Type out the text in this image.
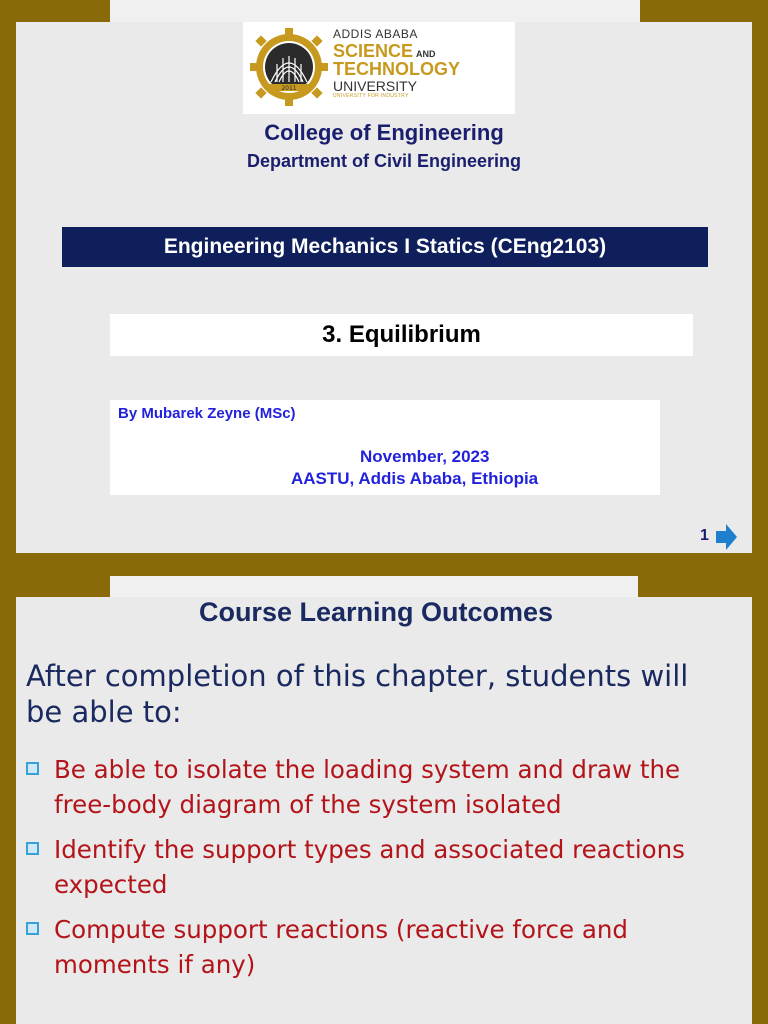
2011
ጸጋ
ADDIS ABABA
SCIENCE AND
TECHNOLOGY
UNIVERSITY
UNIVERSITY FOR INDUSTRY
College of Engineering
Department of Civil Engineering
Engineering Mechanics I Statics (CEng2103)
3. Equilibrium
By Mubarek Zeyne (MSc)
November, 2023
AASTU, Addis Ababa, Ethiopia
1
Course Learning Outcomes
After completion of this chapter, students will be able to:
Be able to isolate the loading system and draw the free-body diagram of the system isolated
Identify the support types and associated reactions expected
Compute support reactions (reactive force and moments if any)
